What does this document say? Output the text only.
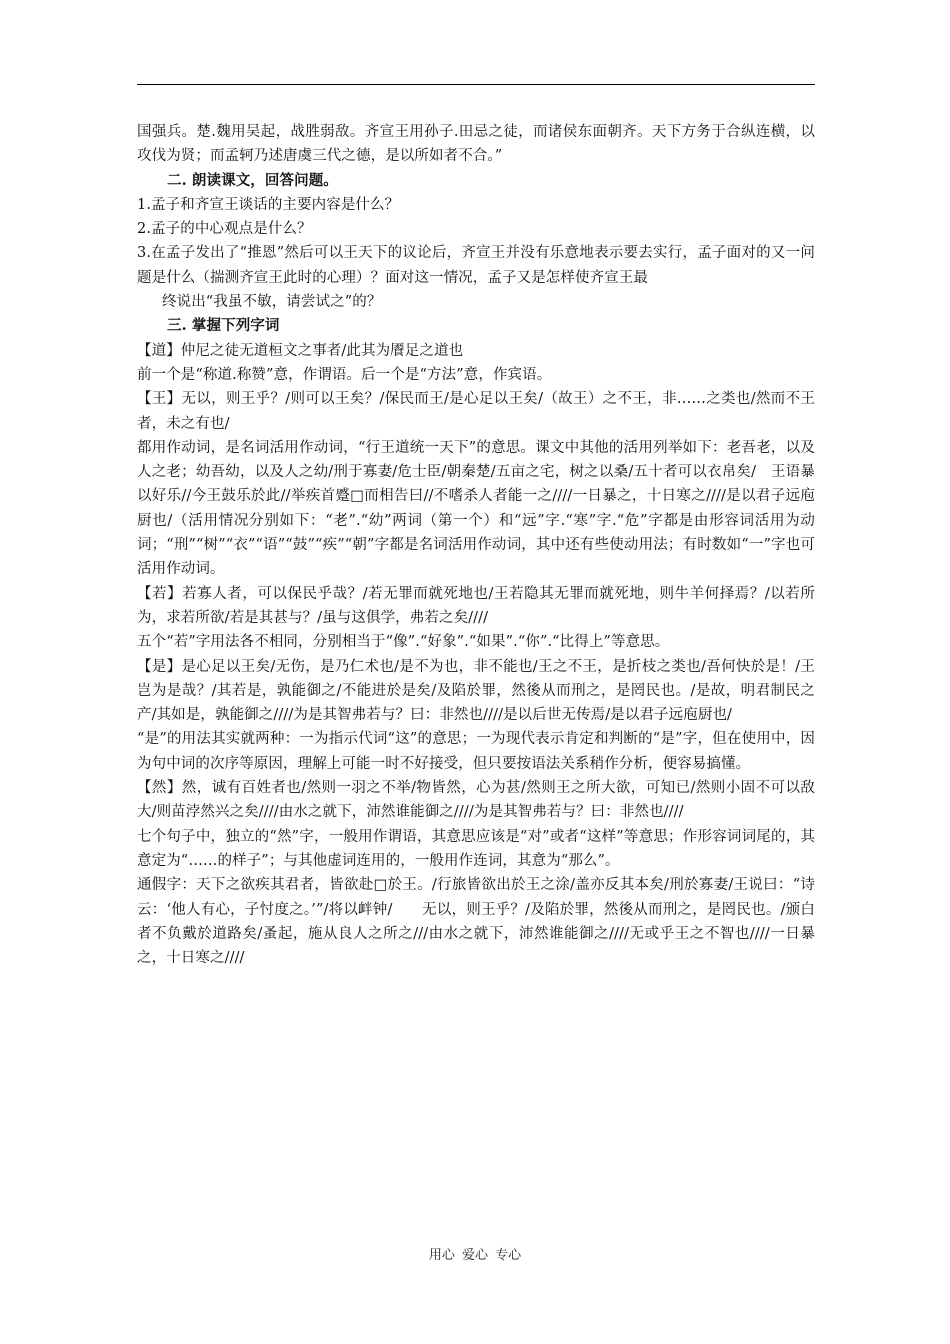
国强兵。楚.魏用吴起，战胜弱敌。齐宣王用孙子.田忌之徒，而诸侯东面朝齐。天下方务于合纵连横，以攻伐为贤；而孟轲乃述唐虞三代之德，是以所如者不合。”

二. 朗读课文，回答问题。

1.孟子和齐宣王谈话的主要内容是什么？

2.孟子的中心观点是什么？

3.在孟子发出了“推恩”然后可以王天下的议论后，齐宣王并没有乐意地表示要去实行，孟子面对的又一问题是什么（揣测齐宣王此时的心理）？面对这一情况，孟子又是怎样使齐宣王最

终说出“我虽不敏，请尝试之”的？

三. 掌握下列字词

【道】仲尼之徒无道桓文之事者/此其为餍足之道也

前一个是“称道.称赞”意，作谓语。后一个是“方法”意，作宾语。

【王】无以，则王乎？/则可以王矣？/保民而王/是心足以王矣/（故王）之不王，非……之类也/然而不王者，未之有也/

都用作动词，是名词活用作动词，“行王道统一天下”的意思。课文中其他的活用列举如下：老吾老，以及人之老；幼吾幼，以及人之幼/刑于寡妻/危士臣/朝秦楚/五亩之宅，树之以桑/五十者可以衣帛矣/　王语暴以好乐//今王鼓乐於此//举疾首蹙□而相告曰//不嗜杀人者能一之////一日暴之，十日寒之////是以君子远庖厨也/（活用情况分别如下：“老”.“幼”两词（第一个）和“远”字.“寒”字.“危”字都是由形容词活用为动词；“刑”“树”“衣”“语”“鼓”“疾”“朝”字都是名词活用作动词，其中还有些使动用法；有时数如“一”字也可活用作动词。

【若】若寡人者，可以保民乎哉？/若无罪而就死地也/王若隐其无罪而就死地，则牛羊何择焉？/以若所为，求若所欲/若是其甚与？/虽与这俱学，弗若之矣////

五个“若”字用法各不相同，分别相当于“像”.“好象”.“如果”.“你”.“比得上”等意思。

【是】是心足以王矣/无伤，是乃仁术也/是不为也，非不能也/王之不王，是折枝之类也/吾何快於是！/王岂为是哉？/其若是，孰能御之/不能进於是矣/及陷於罪，然後从而刑之，是罔民也。/是故，明君制民之产/其如是，孰能御之////为是其智弗若与？曰：非然也////是以后世无传焉/是以君子远庖厨也/

“是”的用法其实就两种：一为指示代词“这”的意思；一为现代表示肯定和判断的“是”字，但在使用中，因为句中词的次序等原因，理解上可能一时不好接受，但只要按语法关系稍作分析，便容易搞懂。

【然】然，诚有百姓者也/然则一羽之不举/物皆然，心为甚/然则王之所大欲，可知已/然则小固不可以敌大/则苗浡然兴之矣////由水之就下，沛然谁能御之////为是其智弗若与？曰：非然也////

七个句子中，独立的“然”字，一般用作谓语，其意思应该是“对”或者“这样”等意思；作形容词词尾的，其意定为“……的样子”；与其他虚词连用的，一般用作连词，其意为“那么”。

通假字：天下之欲疾其君者，皆欲赴□於王。/行旅皆欲出於王之涂/盖亦反其本矣/刑於寡妻/王说曰：“诗云：‘他人有心，子忖度之。’”/将以衅钟/　　无以，则王乎？/及陷於罪，然後从而刑之，是罔民也。/颁白者不负戴於道路矣/蚤起，施从良人之所之///由水之就下，沛然谁能御之////无或乎王之不智也////一日暴之，十日寒之////

用心 爱心 专心
